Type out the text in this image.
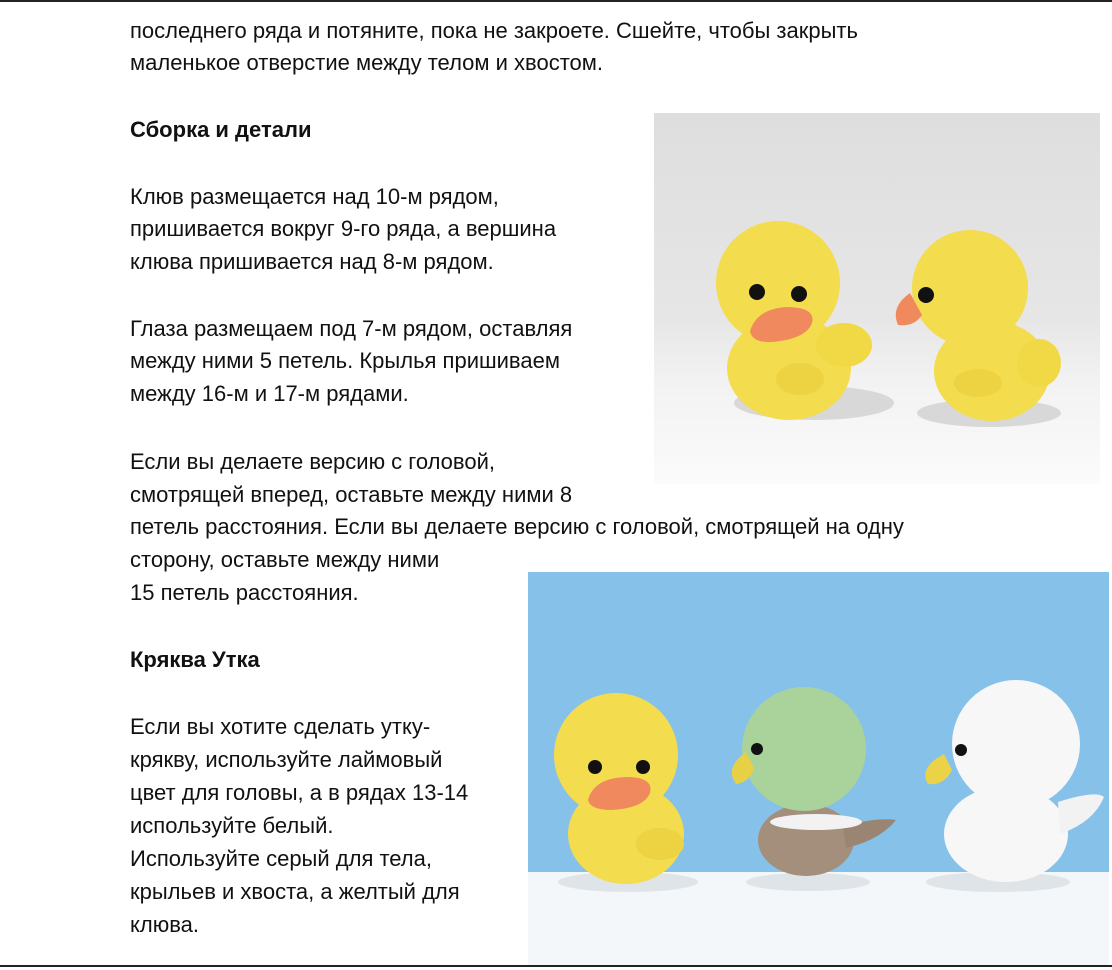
последнего ряда и потяните, пока не закроете. Сшейте, чтобы закрыть

маленькое отверстие между телом и хвостом.

Сборка и детали

Клюв размещается над 10-м рядом,

пришивается вокруг 9-го ряда, а вершина

клюва пришивается над 8-м рядом.

Глаза размещаем под 7-м рядом, оставляя

между ними 5 петель. Крылья пришиваем

между 16-м и 17-м рядами.

Если вы делаете версию с головой,

смотрящей вперед, оставьте между ними 8

петель расстояния. Если вы делаете версию с головой, смотрящей на одну

сторону, оставьте между ними

15 петель расстояния.

Кряква Утка

Если вы хотите сделать утку-

крякву, используйте лаймовый

цвет для головы, а в рядах 13-14

используйте белый.

Используйте серый для тела,

крыльев и хвоста, а желтый для

клюва.
